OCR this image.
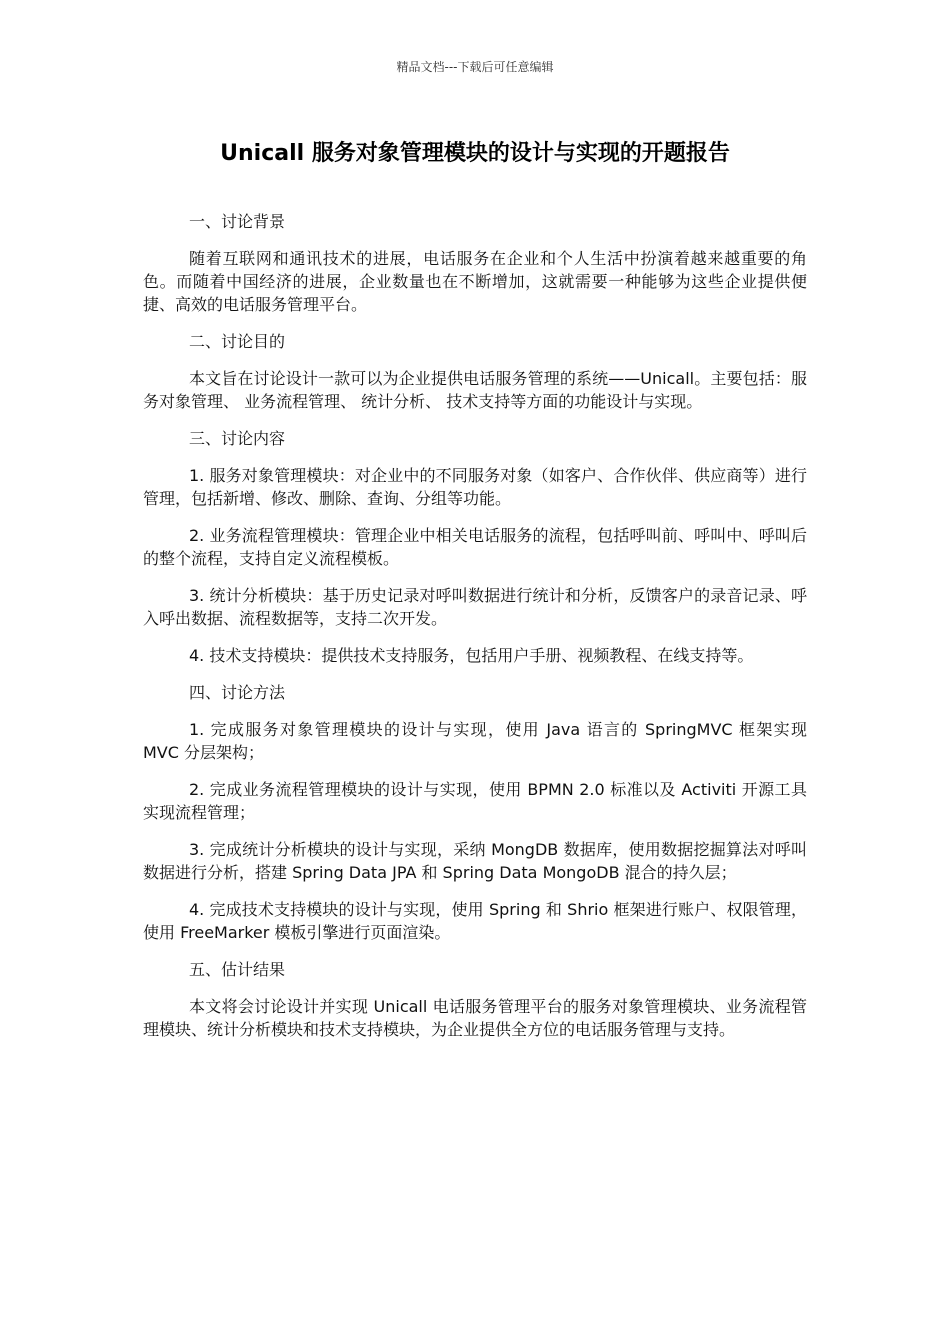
精品文档---下载后可任意编辑
Unicall 服务对象管理模块的设计与实现的开题报告
一、讨论背景
随着互联网和通讯技术的进展，电话服务在企业和个人生活中扮演着越来越重要的角色。而随着中国经济的进展，企业数量也在不断增加，这就需要一种能够为这些企业提供便捷、高效的电话服务管理平台。
二、讨论目的
本文旨在讨论设计一款可以为企业提供电话服务管理的系统——Unicall。主要包括：服务对象管理、 业务流程管理、 统计分析、 技术支持等方面的功能设计与实现。
三、讨论内容
1. 服务对象管理模块：对企业中的不同服务对象（如客户、合作伙伴、供应商等）进行管理，包括新增、修改、删除、查询、分组等功能。
2. 业务流程管理模块：管理企业中相关电话服务的流程，包括呼叫前、呼叫中、呼叫后的整个流程，支持自定义流程模板。
3. 统计分析模块：基于历史记录对呼叫数据进行统计和分析，反馈客户的录音记录、呼入呼出数据、流程数据等，支持二次开发。
4. 技术支持模块：提供技术支持服务，包括用户手册、视频教程、在线支持等。
四、讨论方法
1. 完成服务对象管理模块的设计与实现，使用 Java 语言的 SpringMVC 框架实现 MVC 分层架构；
2. 完成业务流程管理模块的设计与实现，使用 BPMN 2.0 标准以及 Activiti 开源工具实现流程管理；
3. 完成统计分析模块的设计与实现，采纳 MongDB 数据库，使用数据挖掘算法对呼叫数据进行分析，搭建 Spring Data JPA 和 Spring Data MongoDB 混合的持久层；
4. 完成技术支持模块的设计与实现，使用 Spring 和 Shrio 框架进行账户、权限管理，使用 FreeMarker 模板引擎进行页面渲染。
五、估计结果
本文将会讨论设计并实现 Unicall 电话服务管理平台的服务对象管理模块、业务流程管理模块、统计分析模块和技术支持模块，为企业提供全方位的电话服务管理与支持。
